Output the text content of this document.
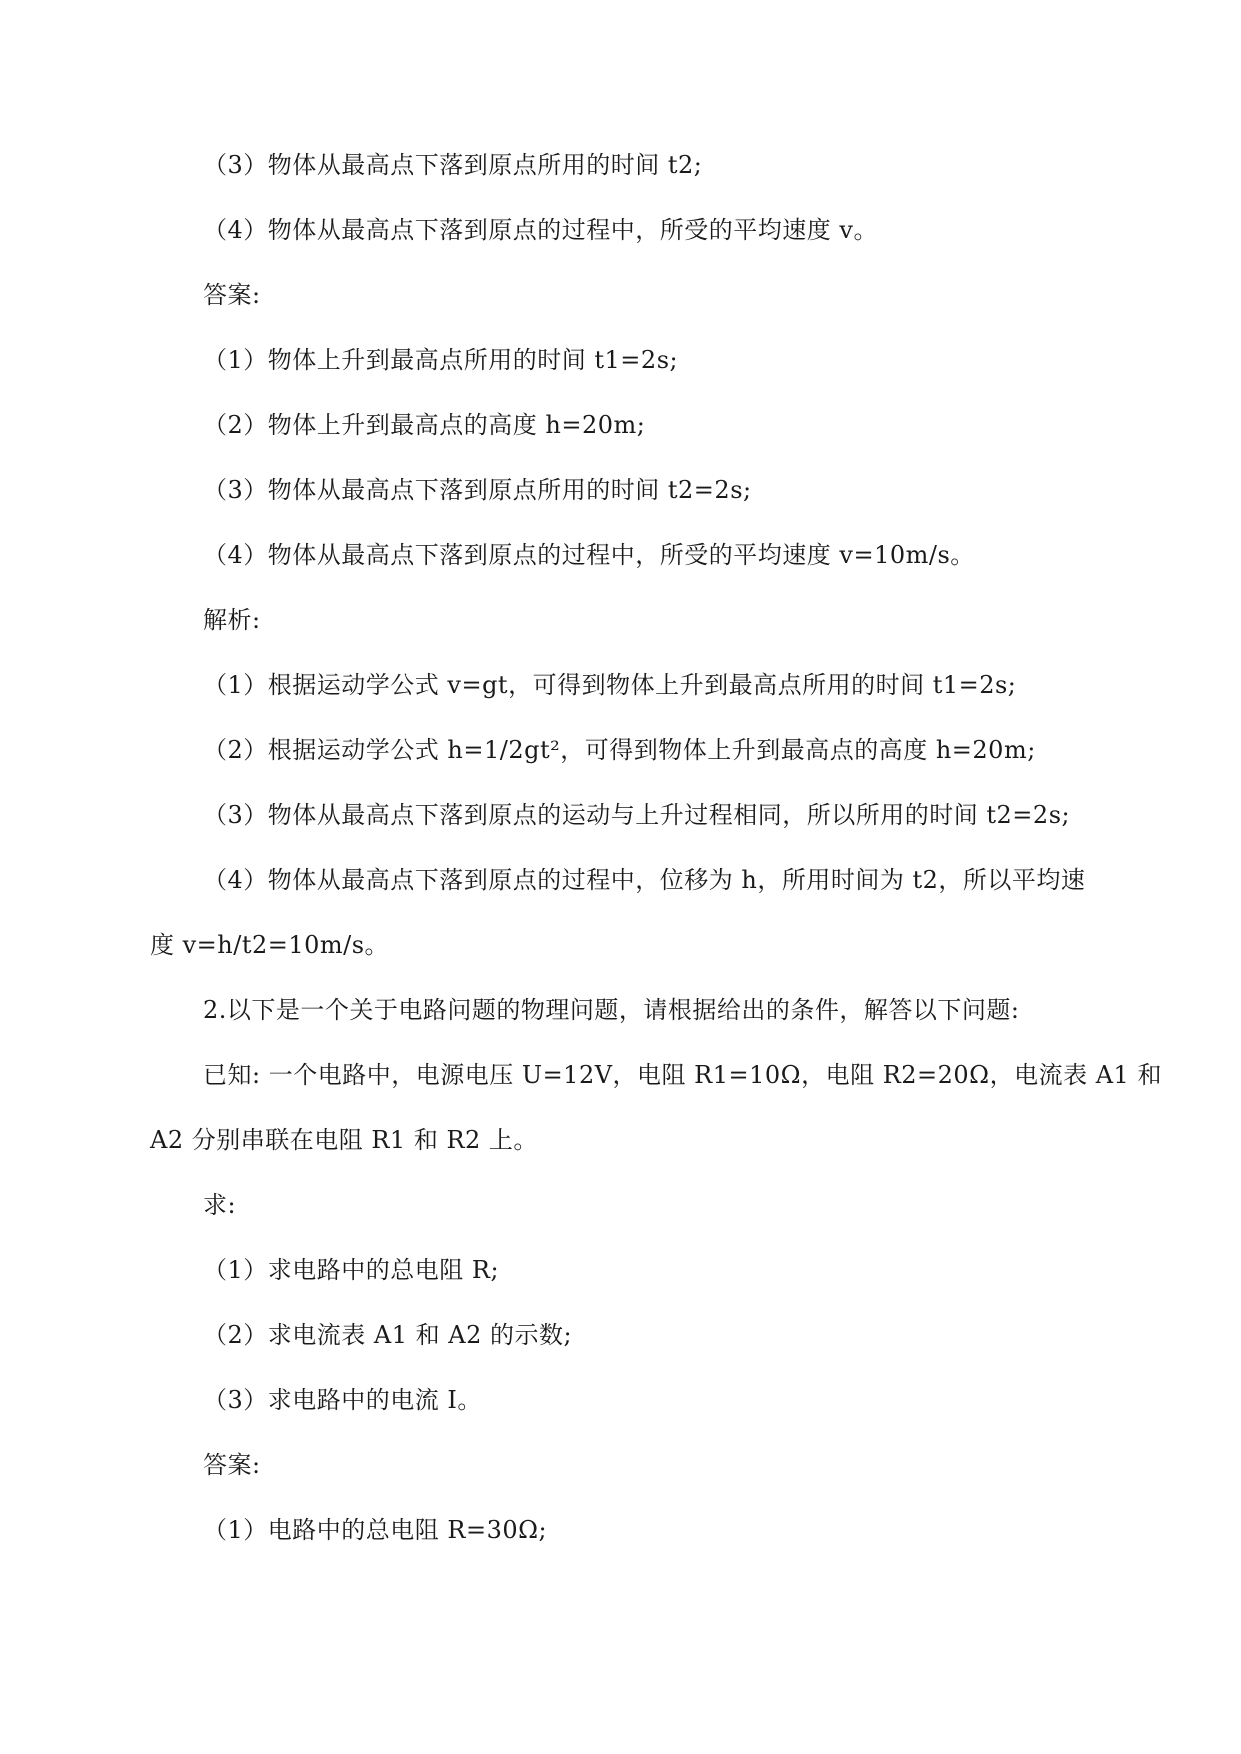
（3）物体从最高点下落到原点所用的时间 t2;
（4）物体从最高点下落到原点的过程中，所受的平均速度 v。
答案:
（1）物体上升到最高点所用的时间 t1=2s;
（2）物体上升到最高点的高度 h=20m;
（3）物体从最高点下落到原点所用的时间 t2=2s;
（4）物体从最高点下落到原点的过程中，所受的平均速度 v=10m/s。
解析:
（1）根据运动学公式 v=gt，可得到物体上升到最高点所用的时间 t1=2s;
（2）根据运动学公式 h=1/2gt²，可得到物体上升到最高点的高度 h=20m;
（3）物体从最高点下落到原点的运动与上升过程相同，所以所用的时间 t2=2s;
（4）物体从最高点下落到原点的过程中，位移为 h，所用时间为 t2，所以平均速
度 v=h/t2=10m/s。
2.以下是一个关于电路问题的物理问题，请根据给出的条件，解答以下问题:
已知: 一个电路中，电源电压 U=12V，电阻 R1=10Ω，电阻 R2=20Ω，电流表 A1 和
A2 分别串联在电阻 R1 和 R2 上。
求:
（1）求电路中的总电阻 R;
（2）求电流表 A1 和 A2 的示数;
（3）求电路中的电流 I。
答案:
（1）电路中的总电阻 R=30Ω;
